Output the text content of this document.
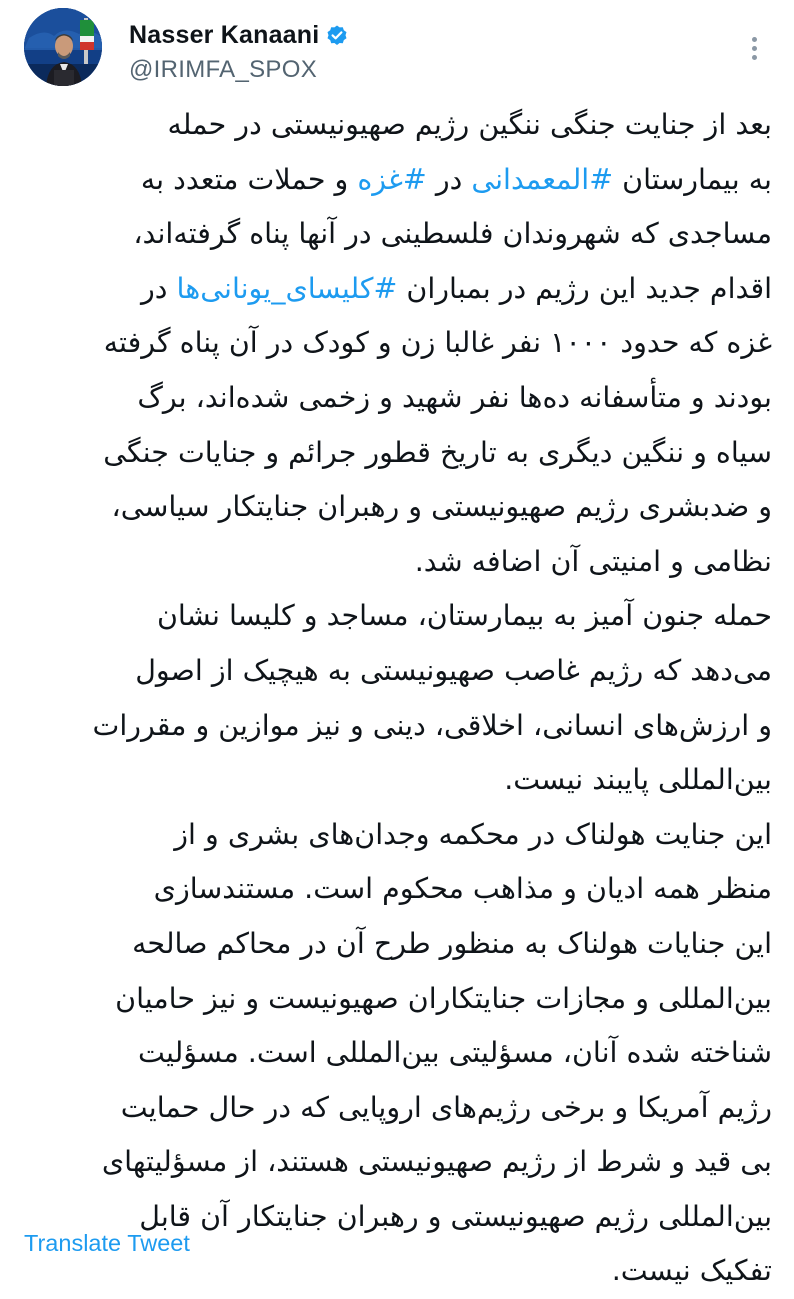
Nasser Kanaani
@IRIMFA_SPOX

بعد از جنایت جنگی ننگین رژیم صهیونیستی در حمله

به بیمارستان #المعمدانی در #غزه و حملات متعدد به

مساجدی که شهروندان فلسطینی در آنها پناه گرفته‌اند،

اقدام جدید این رژیم در بمباران #کلیسای_یونانی‌ها در

غزه که حدود ۱۰۰۰ نفر غالبا زن و کودک در آن پناه گرفته

بودند و متأسفانه ده‌ها نفر شهید و زخمی شده‌اند، برگ

سیاه و ننگین دیگری به تاریخ قطور جرائم و جنایات جنگی

و ضدبشری رژیم صهیونیستی و رهبران جنایتکار سیاسی،

نظامی و امنیتی آن اضافه شد.

حمله جنون آمیز به بیمارستان، مساجد و کلیسا نشان

می‌دهد که رژیم غاصب صهیونیستی به هیچیک از اصول

و ارزش‌های انسانی، اخلاقی، دینی و نیز موازین و مقررات

بین‌المللی پایبند نیست.

این جنایت هولناک در محکمه وجدان‌های بشری و از

منظر همه ادیان و مذاهب محکوم است. مستندسازی

این جنایات هولناک به منظور طرح آن در محاکم صالحه

بین‌المللی و مجازات جنایتکاران صهیونیست و نیز حامیان

شناخته شده آنان، مسؤلیتی بین‌المللی است. مسؤلیت

رژیم آمریکا و برخی رژیم‌های اروپایی که در حال حمایت

بی قید و شرط از رژیم صهیونیستی هستند، از مسؤلیتهای

بین‌المللی رژیم صهیونیستی و رهبران جنایتکار آن قابل

تفکیک نیست.

Translate Tweet
